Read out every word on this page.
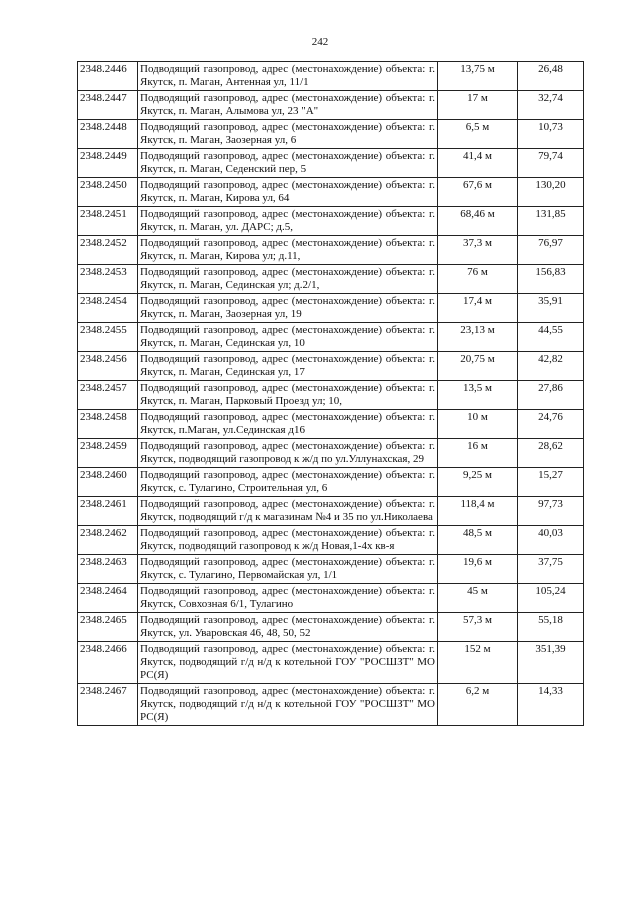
242
2348.2446	Подводящий газопровод, адрес (местонахождение) объекта: г. Якутск, п. Маган, Антенная ул, 11/1	13,75 м	26,48
2348.2447	Подводящий газопровод, адрес (местонахождение) объекта: г. Якутск, п. Маган, Алымова ул, 23 "А"	17 м	32,74
2348.2448	Подводящий газопровод, адрес (местонахождение) объекта: г. Якутск, п. Маган, Заозерная ул, 6	6,5 м	10,73
2348.2449	Подводящий газопровод, адрес (местонахождение) объекта: г. Якутск, п. Маган, Седенский пер, 5	41,4 м	79,74
2348.2450	Подводящий газопровод, адрес (местонахождение) объекта: г. Якутск, п. Маган, Кирова ул, 64	67,6 м	130,20
2348.2451	Подводящий газопровод, адрес (местонахождение) объекта: г. Якутск, п. Маган, ул. ДАРС; д.5,	68,46 м	131,85
2348.2452	Подводящий газопровод, адрес (местонахождение) объекта: г. Якутск, п. Маган, Кирова ул; д.11,	37,3 м	76,97
2348.2453	Подводящий газопровод, адрес (местонахождение) объекта: г. Якутск, п. Маган, Сединская ул; д.2/1,	76 м	156,83
2348.2454	Подводящий газопровод, адрес (местонахождение) объекта: г. Якутск, п. Маган, Заозерная ул, 19	17,4 м	35,91
2348.2455	Подводящий газопровод, адрес (местонахождение) объекта: г. Якутск, п. Маган, Сединская ул, 10	23,13 м	44,55
2348.2456	Подводящий газопровод, адрес (местонахождение) объекта: г. Якутск, п. Маган, Сединская ул, 17	20,75 м	42,82
2348.2457	Подводящий газопровод, адрес (местонахождение) объекта: г. Якутск, п. Маган, Парковый Проезд ул; 10,	13,5 м	27,86
2348.2458	Подводящий газопровод, адрес (местонахождение) объекта: г. Якутск, п.Маган, ул.Сединская д16	10 м	24,76
2348.2459	Подводящий газопровод, адрес (местонахождение) объекта: г. Якутск, подводящий газопровод к ж/д по ул.Уллунахская, 29	16 м	28,62
2348.2460	Подводящий газопровод, адрес (местонахождение) объекта: г. Якутск, с. Тулагино, Строительная ул, 6	9,25 м	15,27
2348.2461	Подводящий газопровод, адрес (местонахождение) объекта: г. Якутск, подводящий г/д к магазинам №4 и 35 по ул.Николаева	118,4 м	97,73
2348.2462	Подводящий газопровод, адрес (местонахождение) объекта: г. Якутск, подводящий газопровод к ж/д Новая,1-4х кв-я	48,5 м	40,03
2348.2463	Подводящий газопровод, адрес (местонахождение) объекта: г. Якутск, с. Тулагино, Первомайская ул, 1/1	19,6 м	37,75
2348.2464	Подводящий газопровод, адрес (местонахождение) объекта: г. Якутск, Совхозная 6/1, Тулагино	45 м	105,24
2348.2465	Подводящий газопровод, адрес (местонахождение) объекта: г. Якутск, ул. Уваровская 46, 48, 50, 52	57,3 м	55,18
2348.2466	Подводящий газопровод, адрес (местонахождение) объекта: г. Якутск, подводящий г/д н/д к котельной ГОУ "РОСШЗТ" МО РС(Я)	152 м	351,39
2348.2467	Подводящий газопровод, адрес (местонахождение) объекта: г. Якутск, подводящий г/д н/д к котельной ГОУ "РОСШЗТ" МО РС(Я)	6,2 м	14,33
